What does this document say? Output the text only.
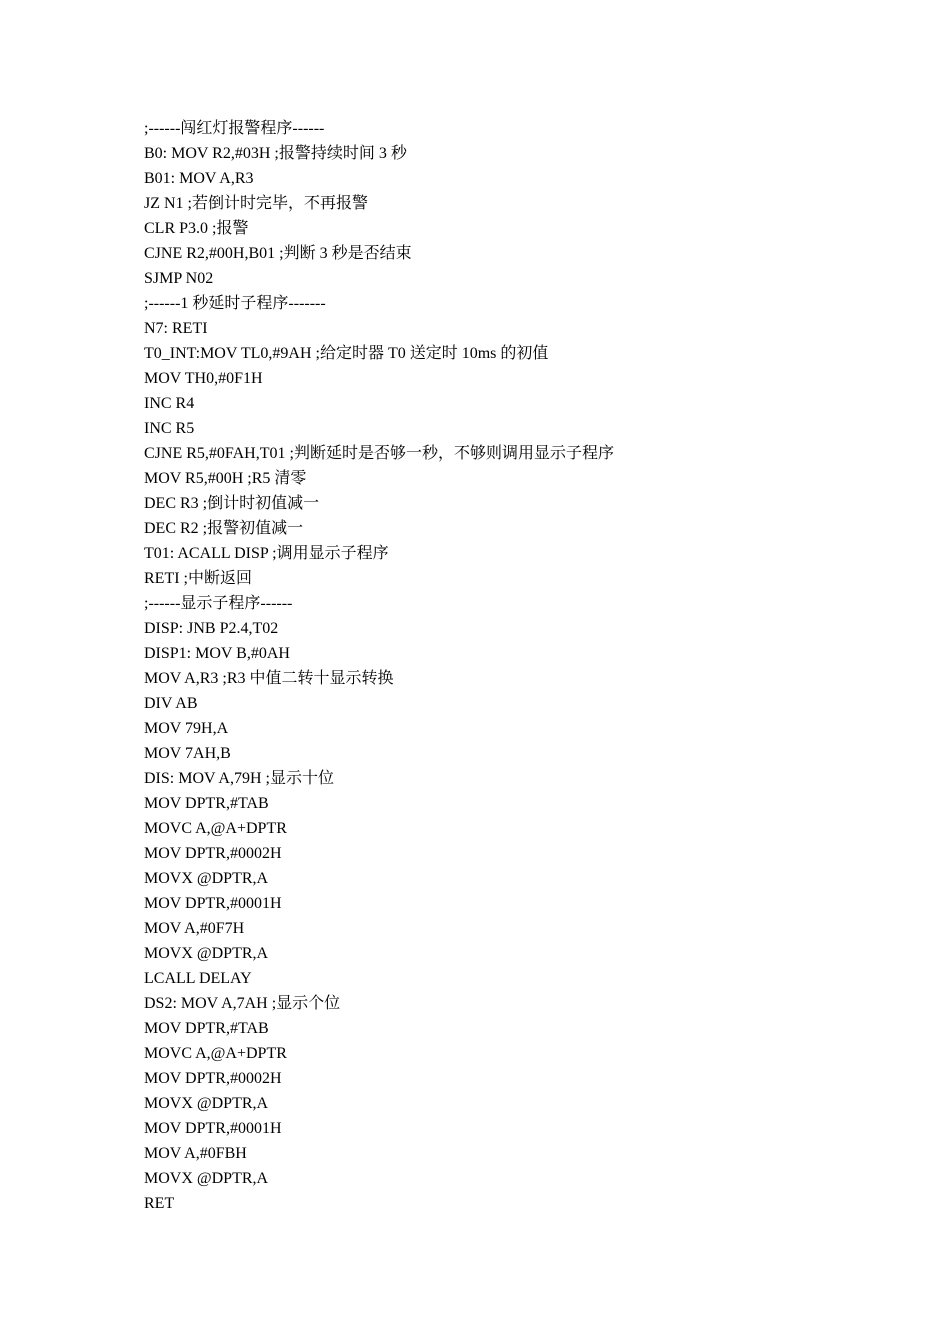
;------闯红灯报警程序------
B0: MOV R2,#03H ;报警持续时间 3 秒
B01: MOV A,R3
JZ N1 ;若倒计时完毕，不再报警
CLR P3.0 ;报警
CJNE R2,#00H,B01 ;判断 3 秒是否结束
SJMP N02
;------1 秒延时子程序-------
N7: RETI
T0_INT:MOV TL0,#9AH ;给定时器 T0 送定时 10ms 的初值
MOV TH0,#0F1H
INC R4
INC R5
CJNE R5,#0FAH,T01 ;判断延时是否够一秒，不够则调用显示子程序
MOV R5,#00H ;R5 清零
DEC R3 ;倒计时初值减一
DEC R2 ;报警初值减一
T01: ACALL DISP ;调用显示子程序
RETI ;中断返回
;------显示子程序------
DISP: JNB P2.4,T02
DISP1: MOV B,#0AH
MOV A,R3 ;R3 中值二转十显示转换
DIV AB
MOV 79H,A
MOV 7AH,B
DIS: MOV A,79H ;显示十位
MOV DPTR,#TAB
MOVC A,@A+DPTR
MOV DPTR,#0002H
MOVX @DPTR,A
MOV DPTR,#0001H
MOV A,#0F7H
MOVX @DPTR,A
LCALL DELAY
DS2: MOV A,7AH ;显示个位
MOV DPTR,#TAB
MOVC A,@A+DPTR
MOV DPTR,#0002H
MOVX @DPTR,A
MOV DPTR,#0001H
MOV A,#0FBH
MOVX @DPTR,A
RET
